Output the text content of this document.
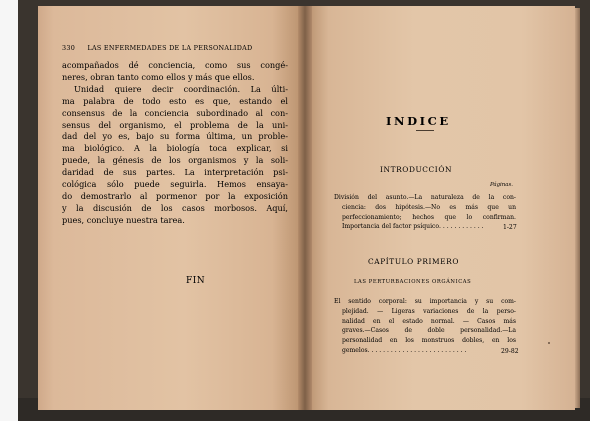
330 LAS ENFERMEDADES DE LA PERSONALIDAD
acompañados dé conciencia, como sus congé-
neres, obran tanto como ellos y más que ellos.
Unidad quiere decir coordinación. La últi-
ma palabra de todo esto es que, estando el
consensus de la conciencia subordinado al con-
sensus del organismo, el problema de la uni-
dad del yo es, bajo su forma última, un proble-
ma biológico. A la biología toca explicar, si
puede, la génesis de los organismos y la soli-
daridad de sus partes. La interpretación psi-
cológica sólo puede seguirla. Hemos ensaya-
do demostrarlo al pormenor por la exposición
y la discusión de los casos morbosos. Aquí,
pues, concluye nuestra tarea.
FIN
INDICE
INTRODUCCIÓN
Páginas.
División del asunto.—La naturaleza de la con-
ciencia: dos hipótesis.—No es más que un
perfeccionamiento; hechos que lo confirman.
Importancia del factor psíquico. . . . . . . . . . . .	1-27
CAPÍTULO PRIMERO
LAS PERTURBACIONES ORGÁNICAS
El sentido corporal: su importancia y su com-
plejidad. — Ligeras variaciones de la perso-
nalidad en el estado normal. — Casos más
graves.—Casos de doble personalidad.—La
personalidad en los monstruos dobles, en los
gemelos. . . . . . . . . . . . . . . . . . . . . . . . . .	29-82
